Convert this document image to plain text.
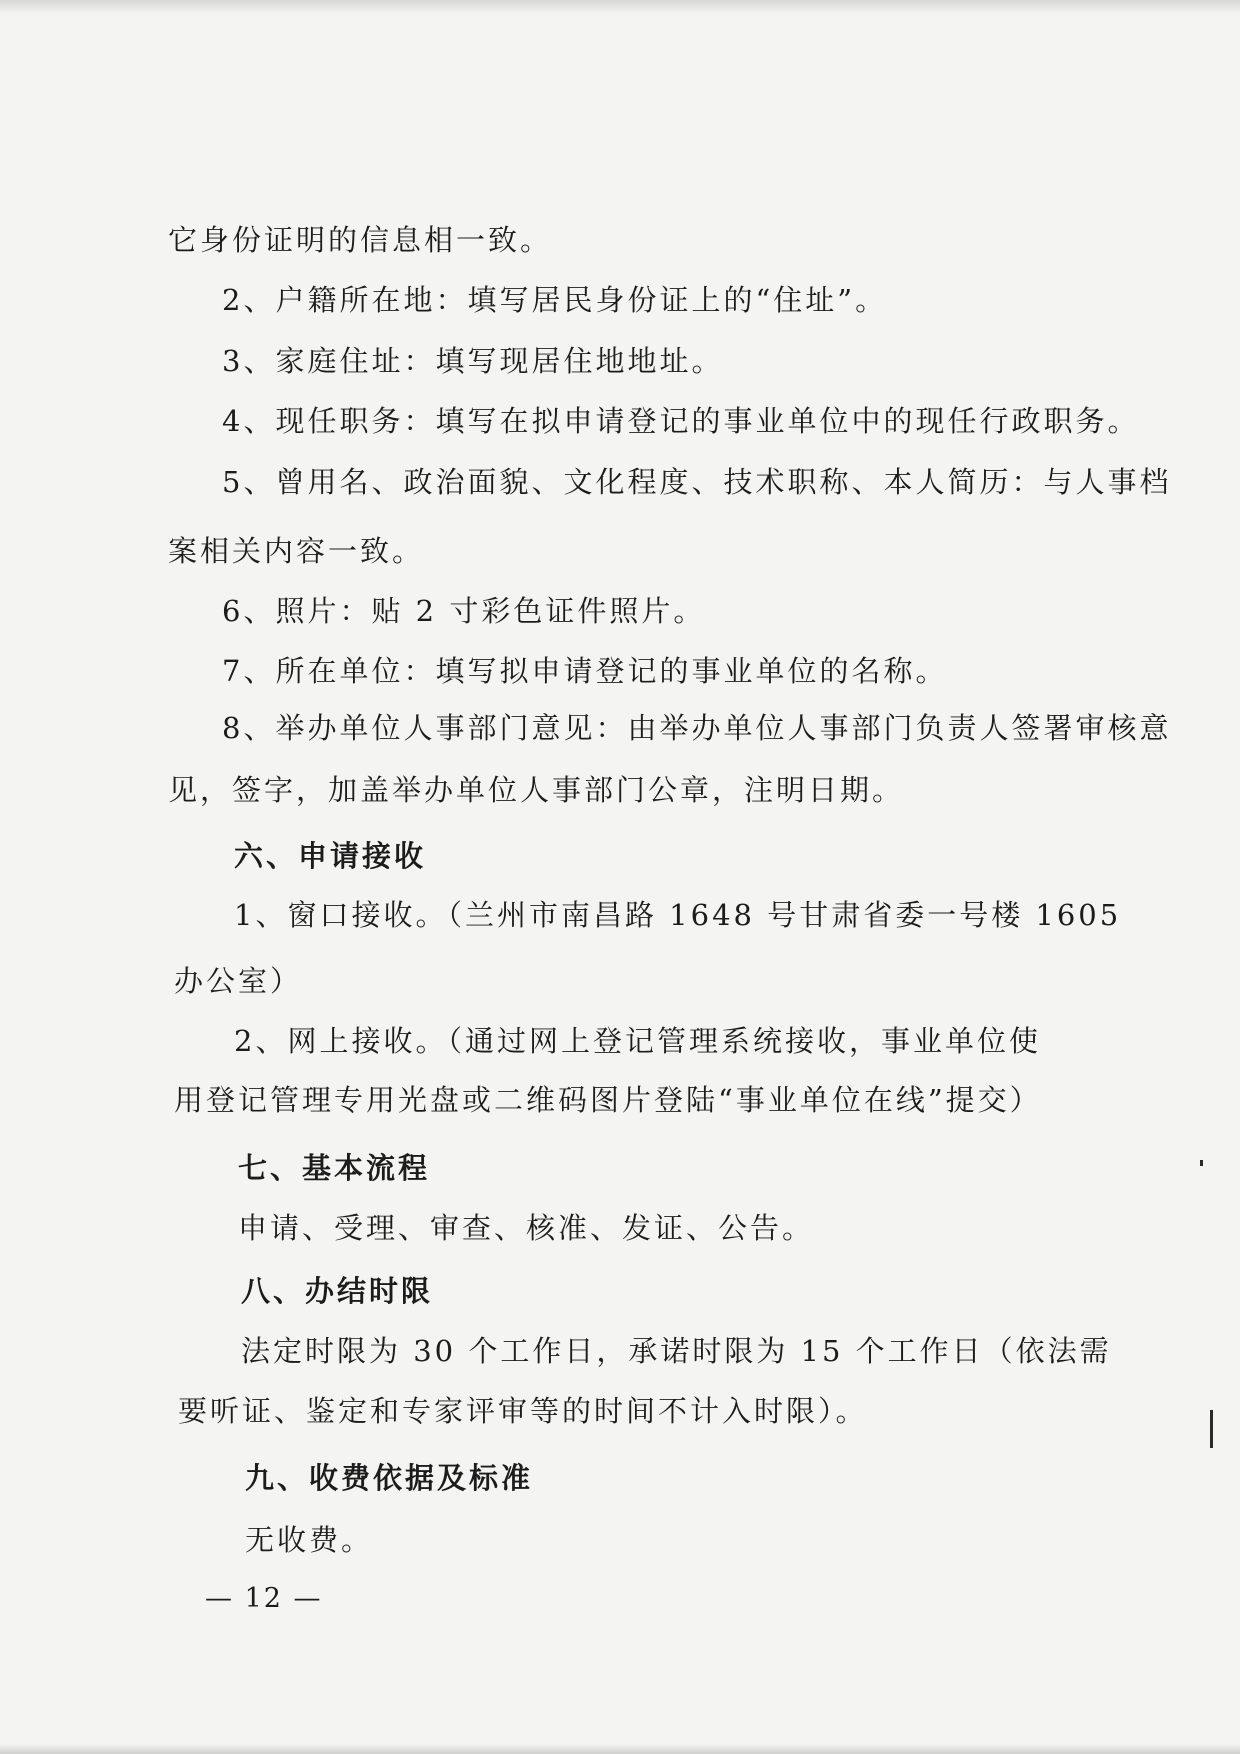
它身份证明的信息相一致。
2、户籍所在地：填写居民身份证上的“住址”。
3、家庭住址：填写现居住地地址。
4、现任职务：填写在拟申请登记的事业单位中的现任行政职务。
5、曾用名、政治面貌、文化程度、技术职称、本人简历：与人事档
案相关内容一致。
6、照片：贴 2 寸彩色证件照片。
7、所在单位：填写拟申请登记的事业单位的名称。
8、举办单位人事部门意见：由举办单位人事部门负责人签署审核意
见，签字，加盖举办单位人事部门公章，注明日期。
六、申请接收
1、窗口接收。（兰州市南昌路 1648 号甘肃省委一号楼 1605
办公室）
2、网上接收。（通过网上登记管理系统接收，事业单位使
用登记管理专用光盘或二维码图片登陆“事业单位在线”提交）
七、基本流程
申请、受理、审查、核准、发证、公告。
八、办结时限
法定时限为 30 个工作日，承诺时限为 15 个工作日（依法需
要听证、鉴定和专家评审等的时间不计入时限）。
九、收费依据及标准
无收费。
— 12 —
